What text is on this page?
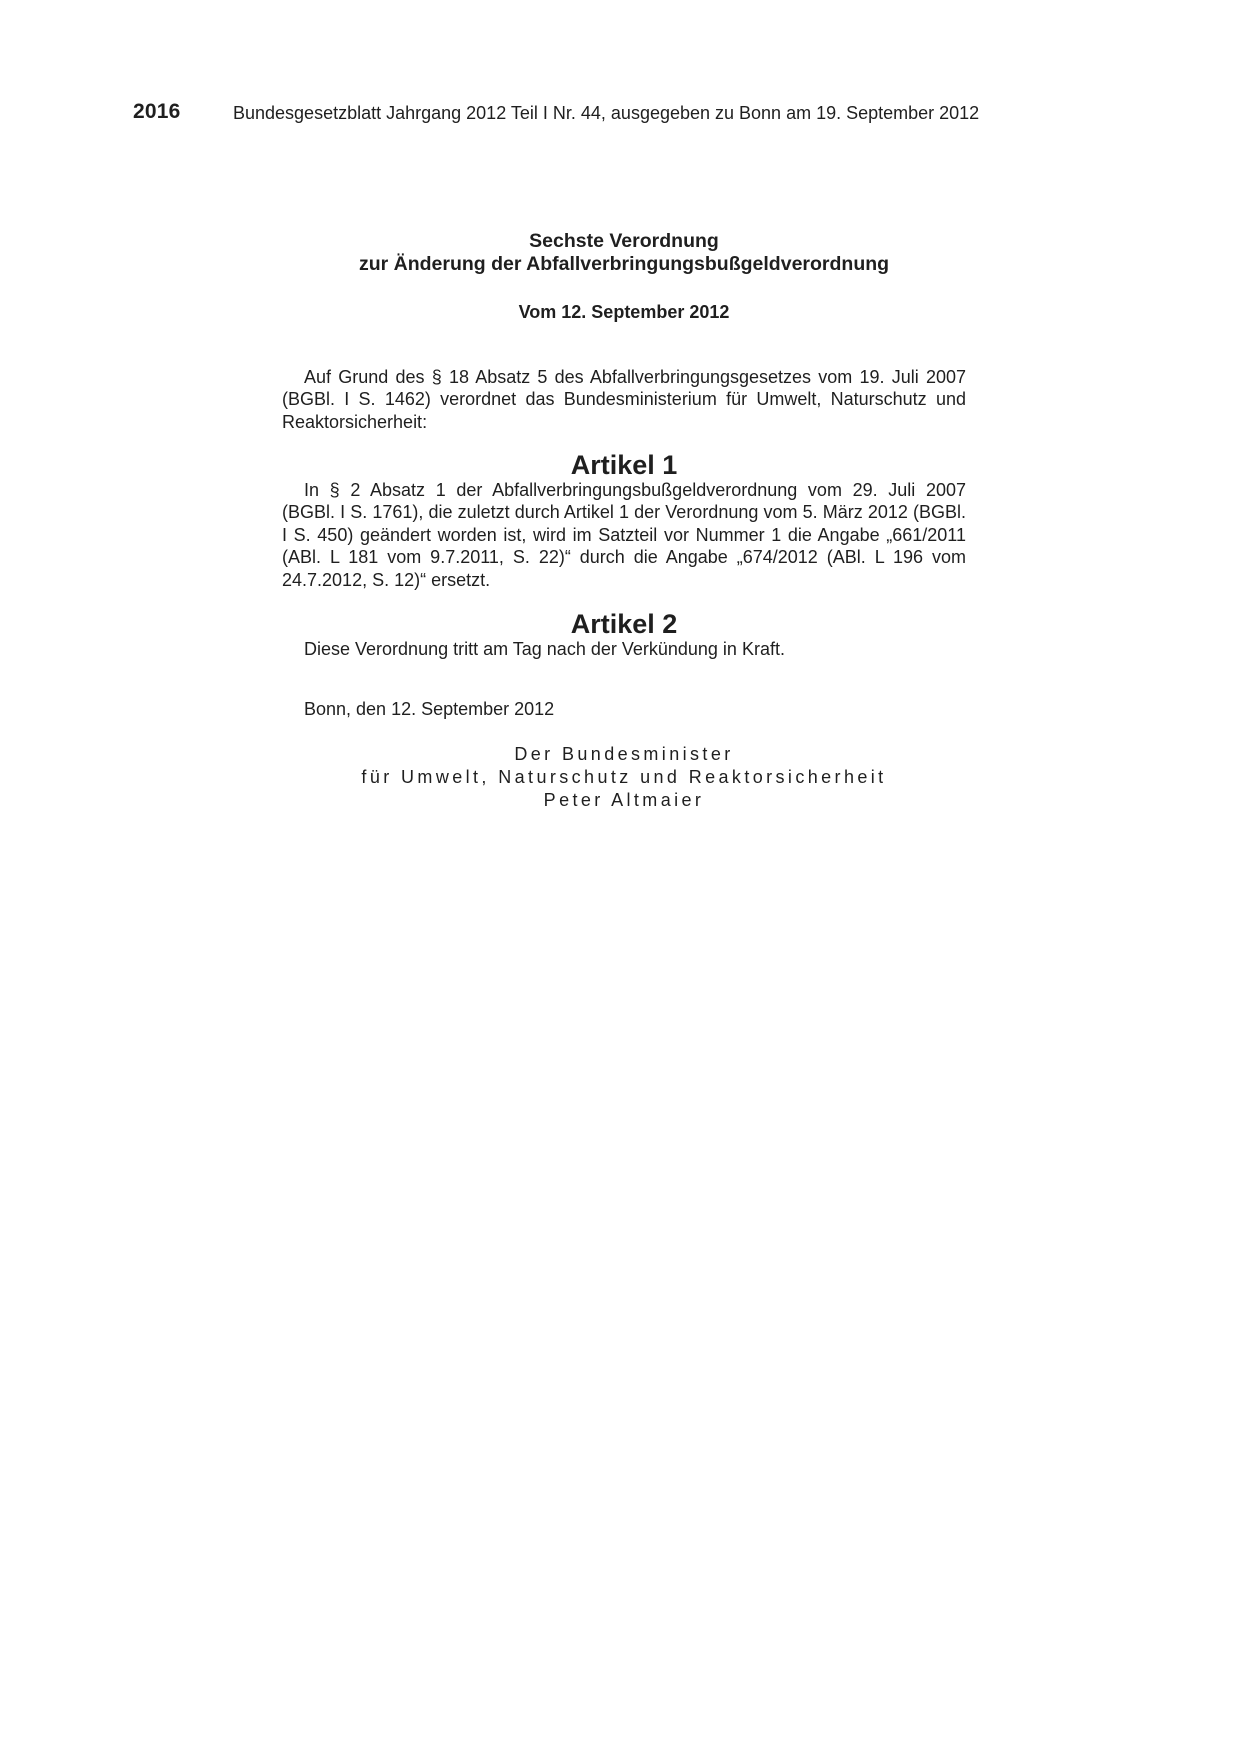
2016	Bundesgesetzblatt Jahrgang 2012 Teil I Nr. 44, ausgegeben zu Bonn am 19. September 2012
Sechste Verordnung
zur Änderung der Abfallverbringungsbußgeldverordnung

Vom 12. September 2012

Auf Grund des § 18 Absatz 5 des Abfallverbringungsgesetzes vom 19. Juli 2007 (BGBl. I S. 1462) verordnet das Bundesministerium für Umwelt, Naturschutz und Reaktorsicherheit:

Artikel 1

In § 2 Absatz 1 der Abfallverbringungsbußgeldverordnung vom 29. Juli 2007 (BGBl. I S. 1761), die zuletzt durch Artikel 1 der Verordnung vom 5. März 2012 (BGBl. I S. 450) geändert worden ist, wird im Satzteil vor Nummer 1 die Angabe „661/2011 (ABl. L 181 vom 9.7.2011, S. 22)“ durch die Angabe „674/2012 (ABl. L 196 vom 24.7.2012, S. 12)“ ersetzt.

Artikel 2

Diese Verordnung tritt am Tag nach der Verkündung in Kraft.

Bonn, den 12. September 2012

Der Bundesminister
für Umwelt, Naturschutz und Reaktorsicherheit
Peter Altmaier
